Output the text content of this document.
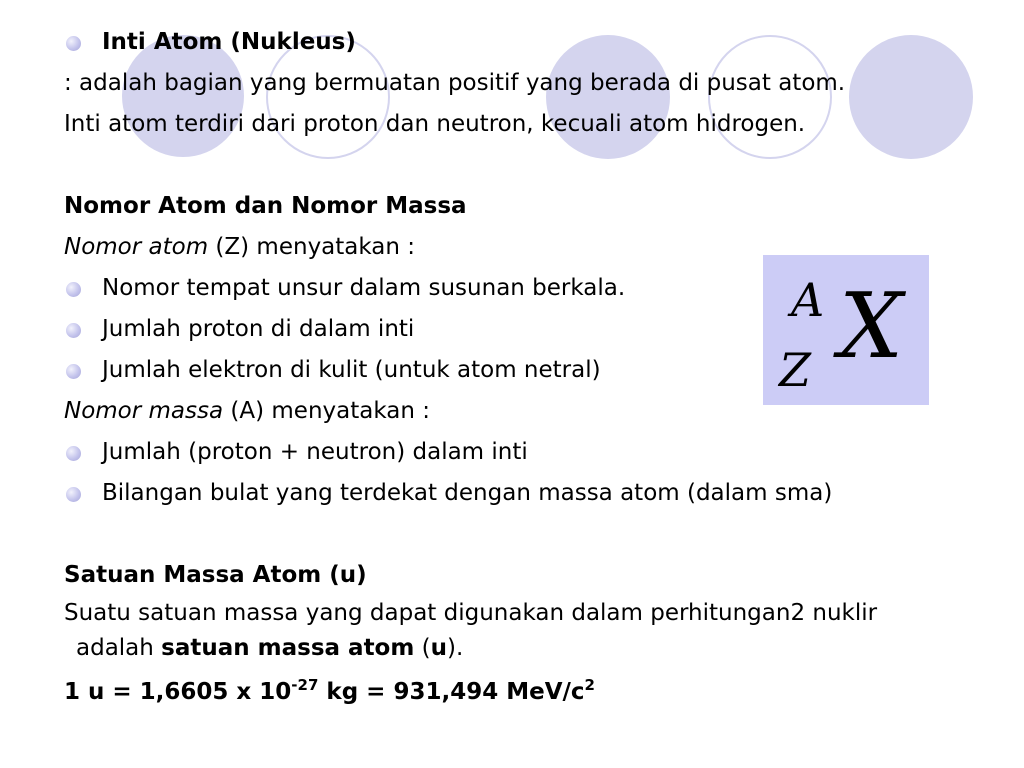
Inti Atom (Nukleus)
: adalah bagian yang bermuatan positif yang berada di pusat atom.
Inti atom terdiri dari proton dan neutron, kecuali atom hidrogen.
Nomor Atom dan Nomor Massa
Nomor atom (Z) menyatakan :
Nomor tempat unsur dalam susunan berkala.
Jumlah proton di dalam inti
Jumlah elektron di kulit (untuk atom netral)
Nomor massa (A) menyatakan :
Jumlah (proton + neutron) dalam inti
Bilangan bulat yang terdekat dengan massa atom (dalam sma)
Satuan Massa Atom (u)
Suatu satuan massa yang dapat digunakan dalam perhitungan2 nuklir
adalah satuan massa atom (u).
1 u = 1,6605 x $10^{-27}$ kg = 931,494 MeV/$c^2$
A
Z X
